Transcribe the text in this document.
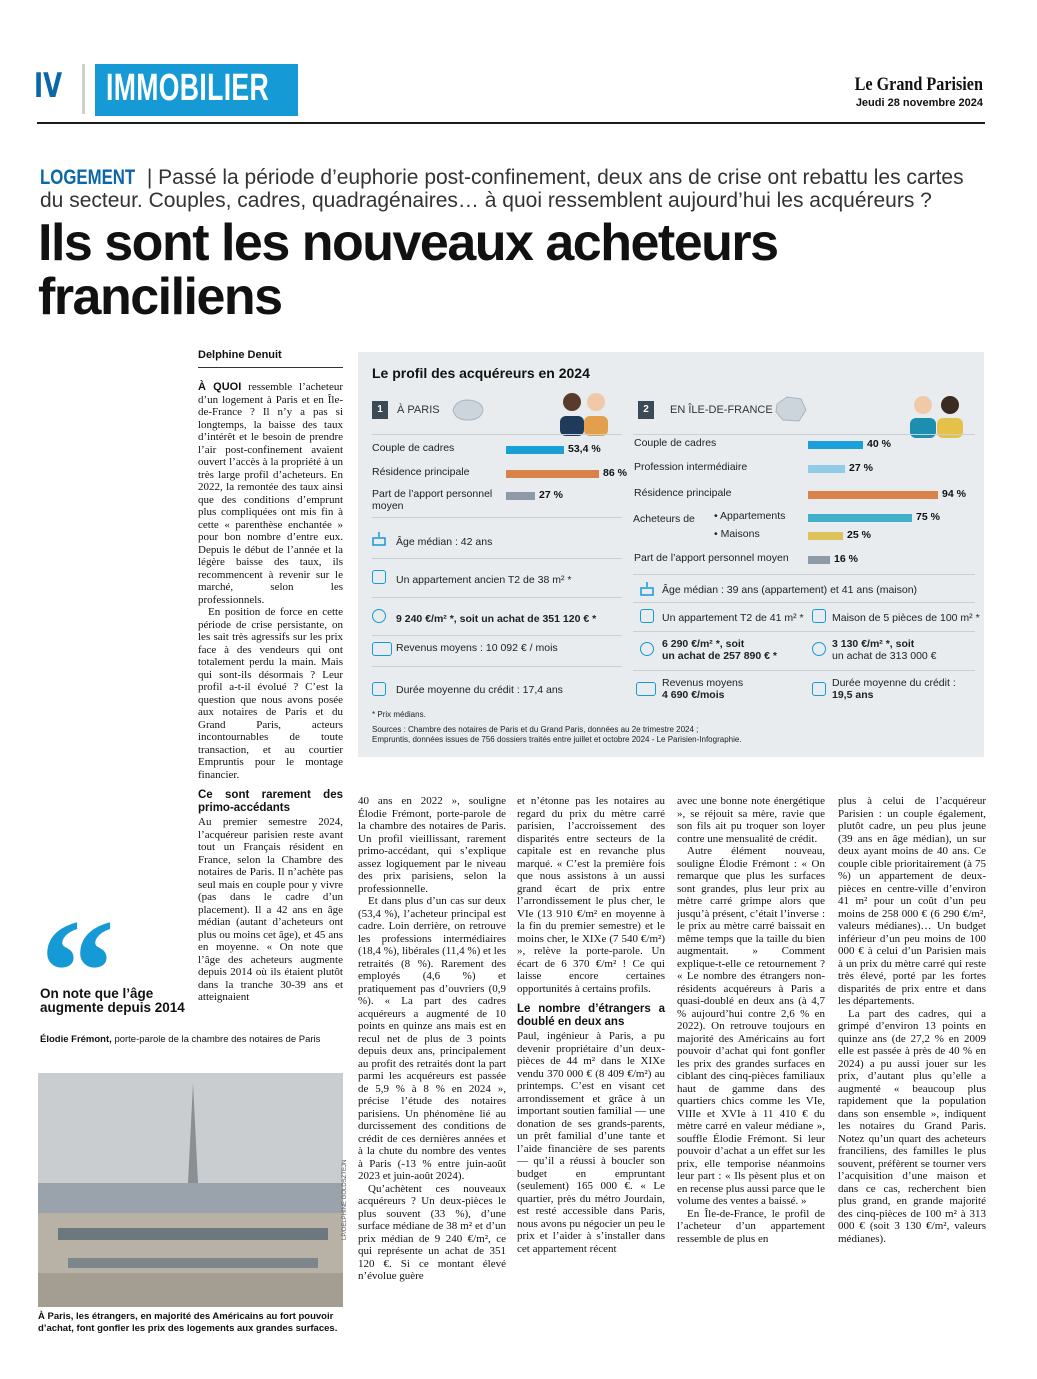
IV IMMOBILIER	Le Grand Parisien
Jeudi 28 novembre 2024
LOGEMENT | Passé la période d’euphorie post-confinement, deux ans de crise ont rebattu les cartes du secteur. Couples, cadres, quadragénaires… à quoi ressemblent aujourd’hui les acquéreurs ?
Ils sont les nouveaux acheteurs franciliens
Delphine Denuit

À QUOI ressemble l’acheteur d’un logement à Paris et en Île-de-France ? Il n’y a pas si longtemps, la baisse des taux d’intérêt et le besoin de prendre l’air post-confinement avaient ouvert l’accès à la propriété à un très large profil d’acheteurs. En 2022, la remontée des taux ainsi que des conditions d’emprunt plus compliquées ont mis fin à cette « parenthèse enchantée » pour bon nombre d’entre eux. Depuis le début de l’année et la légère baisse des taux, ils recommencent à revenir sur le marché, selon les professionnels.

En position de force en cette période de crise persistante, on les sait très agressifs sur les prix face à des vendeurs qui ont totalement perdu la main. Mais qui sont-ils désormais ? Leur profil a-t-il évolué ? C’est la question que nous avons posée aux notaires de Paris et du Grand Paris, acteurs incontournables de toute transaction, et au courtier Empruntis pour le montage financier.

Ce sont rarement des primo-accédants

Au premier semestre 2024, l’acquéreur parisien reste avant tout un Français résident en France, selon la Chambre des notaires de Paris. Il n’achète pas seul mais en couple pour y vivre (pas dans le cadre d’un placement). Il a 42 ans en âge médian (autant d’acheteurs ont plus ou moins cet âge), et 45 ans en moyenne. « On note que l’âge des acheteurs augmente depuis 2014 où ils étaient plutôt dans la tranche 30-39 ans et atteignaient

On note que l’âge augmente depuis 2014
Élodie Frémont, porte-parole de la chambre des notaires de Paris
LP/DELPHINE GOLDSZTEJN
À Paris, les étrangers, en majorité des Américains au fort pouvoir d’achat, font gonfler les prix des logements aux grandes surfaces.
Le profil des acquéreurs en 2024
1	À PARIS
Âge médian : 42 ans
Un appartement ancien T2 de 38 m² *
9 240 €/m² *, soit un achat de 351 120 € *
Revenus moyens : 10 092 € / mois
Durée moyenne du crédit : 17,4 ans
* Prix médians.
2	EN ÎLE-DE-FRANCE
Acheteurs de
Âge médian : 39 ans (appartement) et 41 ans (maison)
Un appartement T2 de 41 m² *	Maison de 5 pièces de 100 m² *
6 290 €/m² *, soit
un achat de 257 890 € *
3 130 €/m² *, soit
un achat de 313 000 €
Revenus moyens
4 690 €/mois
Durée moyenne du crédit :
19,5 ans
Sources : Chambre des notaires de Paris et du Grand Paris, données au 2e trimestre 2024 ;
Empruntis, données issues de 756 dossiers traités entre juillet et octobre 2024 - Le Parisien-Infographie.
Couple de cadres	53,4 %
Résidence principale	86 %
Part de l’apport personnel moyen
27 %
Couple de cadres	40 %
Profession intermédiaire	27 %
Résidence principale	94 %
• Appartements	75 %
• Maisons	25 %
Part de l’apport personnel moyen	16 %

40 ans en 2022 », souligne Élodie Frémont, porte-parole de la chambre des notaires de Paris. Un profil vieillissant, rarement primo-accédant, qui s’explique assez logiquement par le niveau des prix parisiens, selon la professionnelle.

Et dans plus d’un cas sur deux (53,4 %), l’acheteur principal est cadre. Loin derrière, on retrouve les professions intermédiaires (18,4 %), libérales (11,4 %) et les retraités (8 %). Rarement des employés (4,6 %) et pratiquement pas d’ouvriers (0,9 %). « La part des cadres acquéreurs a augmenté de 10 points en quinze ans mais est en recul net de plus de 3 points depuis deux ans, principalement au profit des retraités dont la part parmi les acquéreurs est passée de 5,9 % à 8 % en 2024 », précise l’étude des notaires parisiens. Un phénomène lié au durcissement des conditions de crédit de ces dernières années et à la chute du nombre des ventes à Paris (-13 % entre juin-août 2023 et juin-août 2024).

Qu’achètent ces nouveaux acquéreurs ? Un deux-pièces le plus souvent (33 %), d’une surface médiane de 38 m² et d’un prix médian de 9 240 €/m², ce qui représente un achat de 351 120 €. Si ce montant élevé n’évolue guère

et n’étonne pas les notaires au regard du prix du mètre carré parisien, l’accroissement des disparités entre secteurs de la capitale est en revanche plus marqué. « C’est la première fois que nous assistons à un aussi grand écart de prix entre l’arrondissement le plus cher, le VIe (13 910 €/m² en moyenne à la fin du premier semestre) et le moins cher, le XIXe (7 540 €/m²) », relève la porte-parole. Un écart de 6 370 €/m² ! Ce qui laisse encore certaines opportunités à certains profils.

Le nombre d’étrangers a doublé en deux ans

Paul, ingénieur à Paris, a pu devenir propriétaire d’un deux-pièces de 44 m² dans le XIXe vendu 370 000 € (8 409 €/m²) au printemps. C’est en visant cet arrondissement et grâce à un important soutien familial — une donation de ses grands-parents, un prêt familial d’une tante et l’aide financière de ses parents — qu’il a réussi à boucler son budget en empruntant (seulement) 165 000 €. « Le quartier, près du métro Jourdain, est resté accessible dans Paris, nous avons pu négocier un peu le prix et l’aider à s’installer dans cet appartement récent

avec une bonne note énergétique », se réjouit sa mère, ravie que son fils ait pu troquer son loyer contre une mensualité de crédit.

Autre élément nouveau, souligne Élodie Frémont : « On remarque que plus les surfaces sont grandes, plus leur prix au mètre carré grimpe alors que jusqu’à présent, c’était l’inverse : le prix au mètre carré baissait en même temps que la taille du bien augmentait. » Comment explique-t-elle ce retournement ? « Le nombre des étrangers non-résidents acquéreurs à Paris a quasi-doublé en deux ans (à 4,7 % aujourd’hui contre 2,6 % en 2022). On retrouve toujours en majorité des Américains au fort pouvoir d’achat qui font gonfler les prix des grandes surfaces en ciblant des cinq-pièces familiaux haut de gamme dans des quartiers chics comme les VIe, VIIIe et XVIe à 11 410 € du mètre carré en valeur médiane », souffle Élodie Frémont. Si leur pouvoir d’achat a un effet sur les prix, elle temporise néanmoins leur part : « Ils pèsent plus et on en recense plus aussi parce que le volume des ventes a baissé. »

En Île-de-France, le profil de l’acheteur d’un appartement ressemble de plus en

plus à celui de l’acquéreur Parisien : un couple également, plutôt cadre, un peu plus jeune (39 ans en âge médian), un sur deux ayant moins de 40 ans. Ce couple cible prioritairement (à 75 %) un appartement de deux-pièces en centre-ville d’environ 41 m² pour un coût d’un peu moins de 258 000 € (6 290 €/m², valeurs médianes)… Un budget inférieur d’un peu moins de 100 000 € à celui d’un Parisien mais à un prix du mètre carré qui reste très élevé, porté par les fortes disparités de prix entre et dans les départements.

La part des cadres, qui a grimpé d’environ 13 points en quinze ans (de 27,2 % en 2009 elle est passée à près de 40 % en 2024) a pu aussi jouer sur les prix, d’autant plus qu’elle a augmenté « beaucoup plus rapidement que la population dans son ensemble », indiquent les notaires du Grand Paris. Notez qu’un quart des acheteurs franciliens, des familles le plus souvent, préfèrent se tourner vers l’acquisition d’une maison et dans ce cas, recherchent bien plus grand, en grande majorité des cinq-pièces de 100 m² à 313 000 € (soit 3 130 €/m², valeurs médianes).
